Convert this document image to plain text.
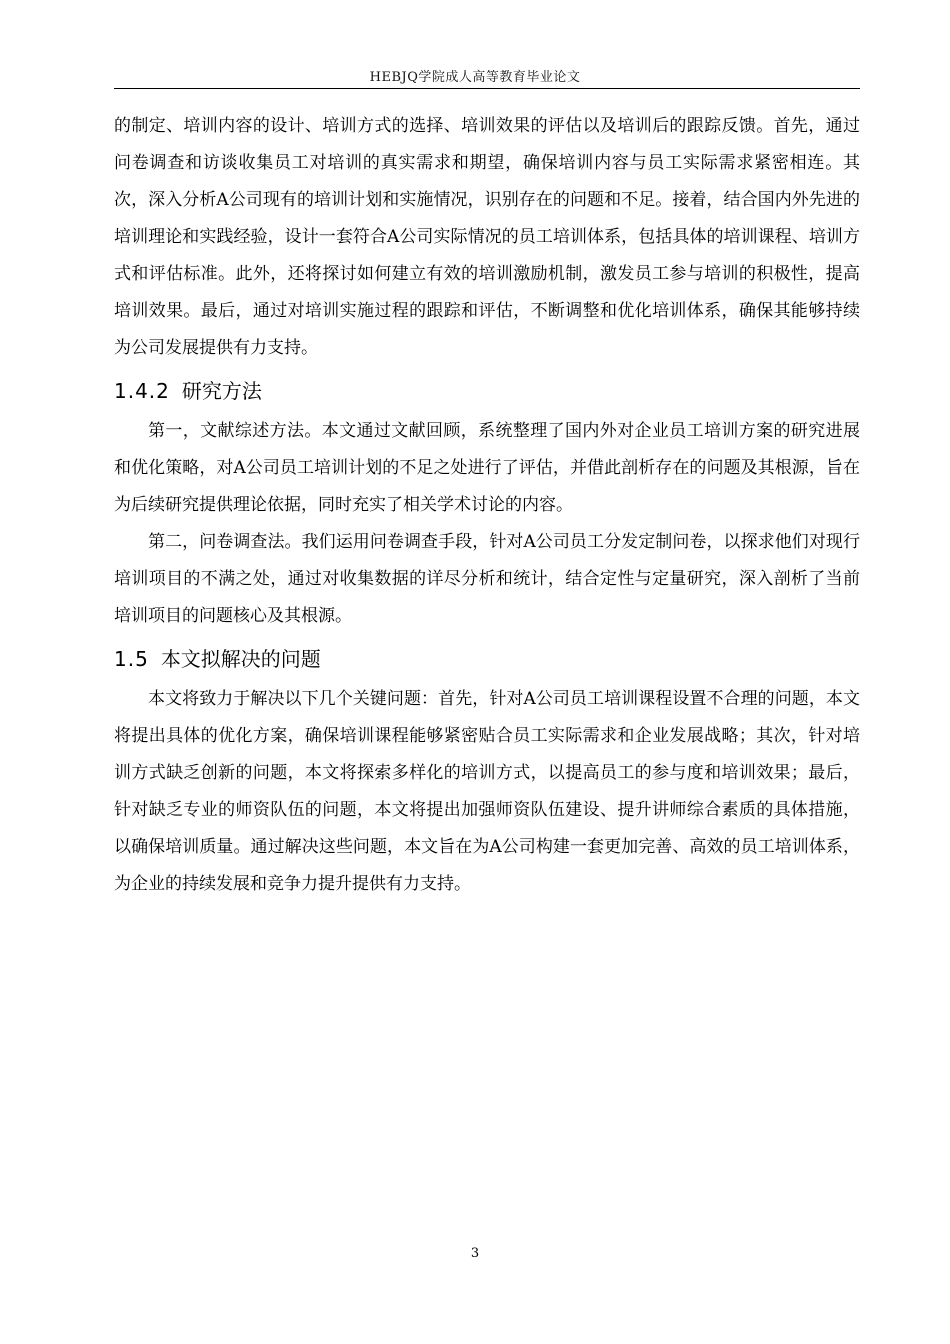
HEBJQ学院成人高等教育毕业论文

的制定、培训内容的设计、培训方式的选择、培训效果的评估以及培训后的跟踪反馈。首先，通过问卷调查和访谈收集员工对培训的真实需求和期望，确保培训内容与员工实际需求紧密相连。其次，深入分析A公司现有的培训计划和实施情况，识别存在的问题和不足。接着，结合国内外先进的培训理论和实践经验，设计一套符合A公司实际情况的员工培训体系，包括具体的培训课程、培训方式和评估标准。此外，还将探讨如何建立有效的培训激励机制，激发员工参与培训的积极性，提高培训效果。最后，通过对培训实施过程的跟踪和评估，不断调整和优化培训体系，确保其能够持续为公司发展提供有力支持。

1.4.2 研究方法

第一，文献综述方法。本文通过文献回顾，系统整理了国内外对企业员工培训方案的研究进展和优化策略，对A公司员工培训计划的不足之处进行了评估，并借此剖析存在的问题及其根源，旨在为后续研究提供理论依据，同时充实了相关学术讨论的内容。

第二，问卷调查法。我们运用问卷调查手段，针对A公司员工分发定制问卷，以探求他们对现行培训项目的不满之处，通过对收集数据的详尽分析和统计，结合定性与定量研究，深入剖析了当前培训项目的问题核心及其根源。

1.5 本文拟解决的问题

本文将致力于解决以下几个关键问题：首先，针对A公司员工培训课程设置不合理的问题，本文将提出具体的优化方案，确保培训课程能够紧密贴合员工实际需求和企业发展战略；其次，针对培训方式缺乏创新的问题，本文将探索多样化的培训方式，以提高员工的参与度和培训效果；最后，针对缺乏专业的师资队伍的问题，本文将提出加强师资队伍建设、提升讲师综合素质的具体措施，以确保培训质量。通过解决这些问题，本文旨在为A公司构建一套更加完善、高效的员工培训体系，为企业的持续发展和竞争力提升提供有力支持。

3
